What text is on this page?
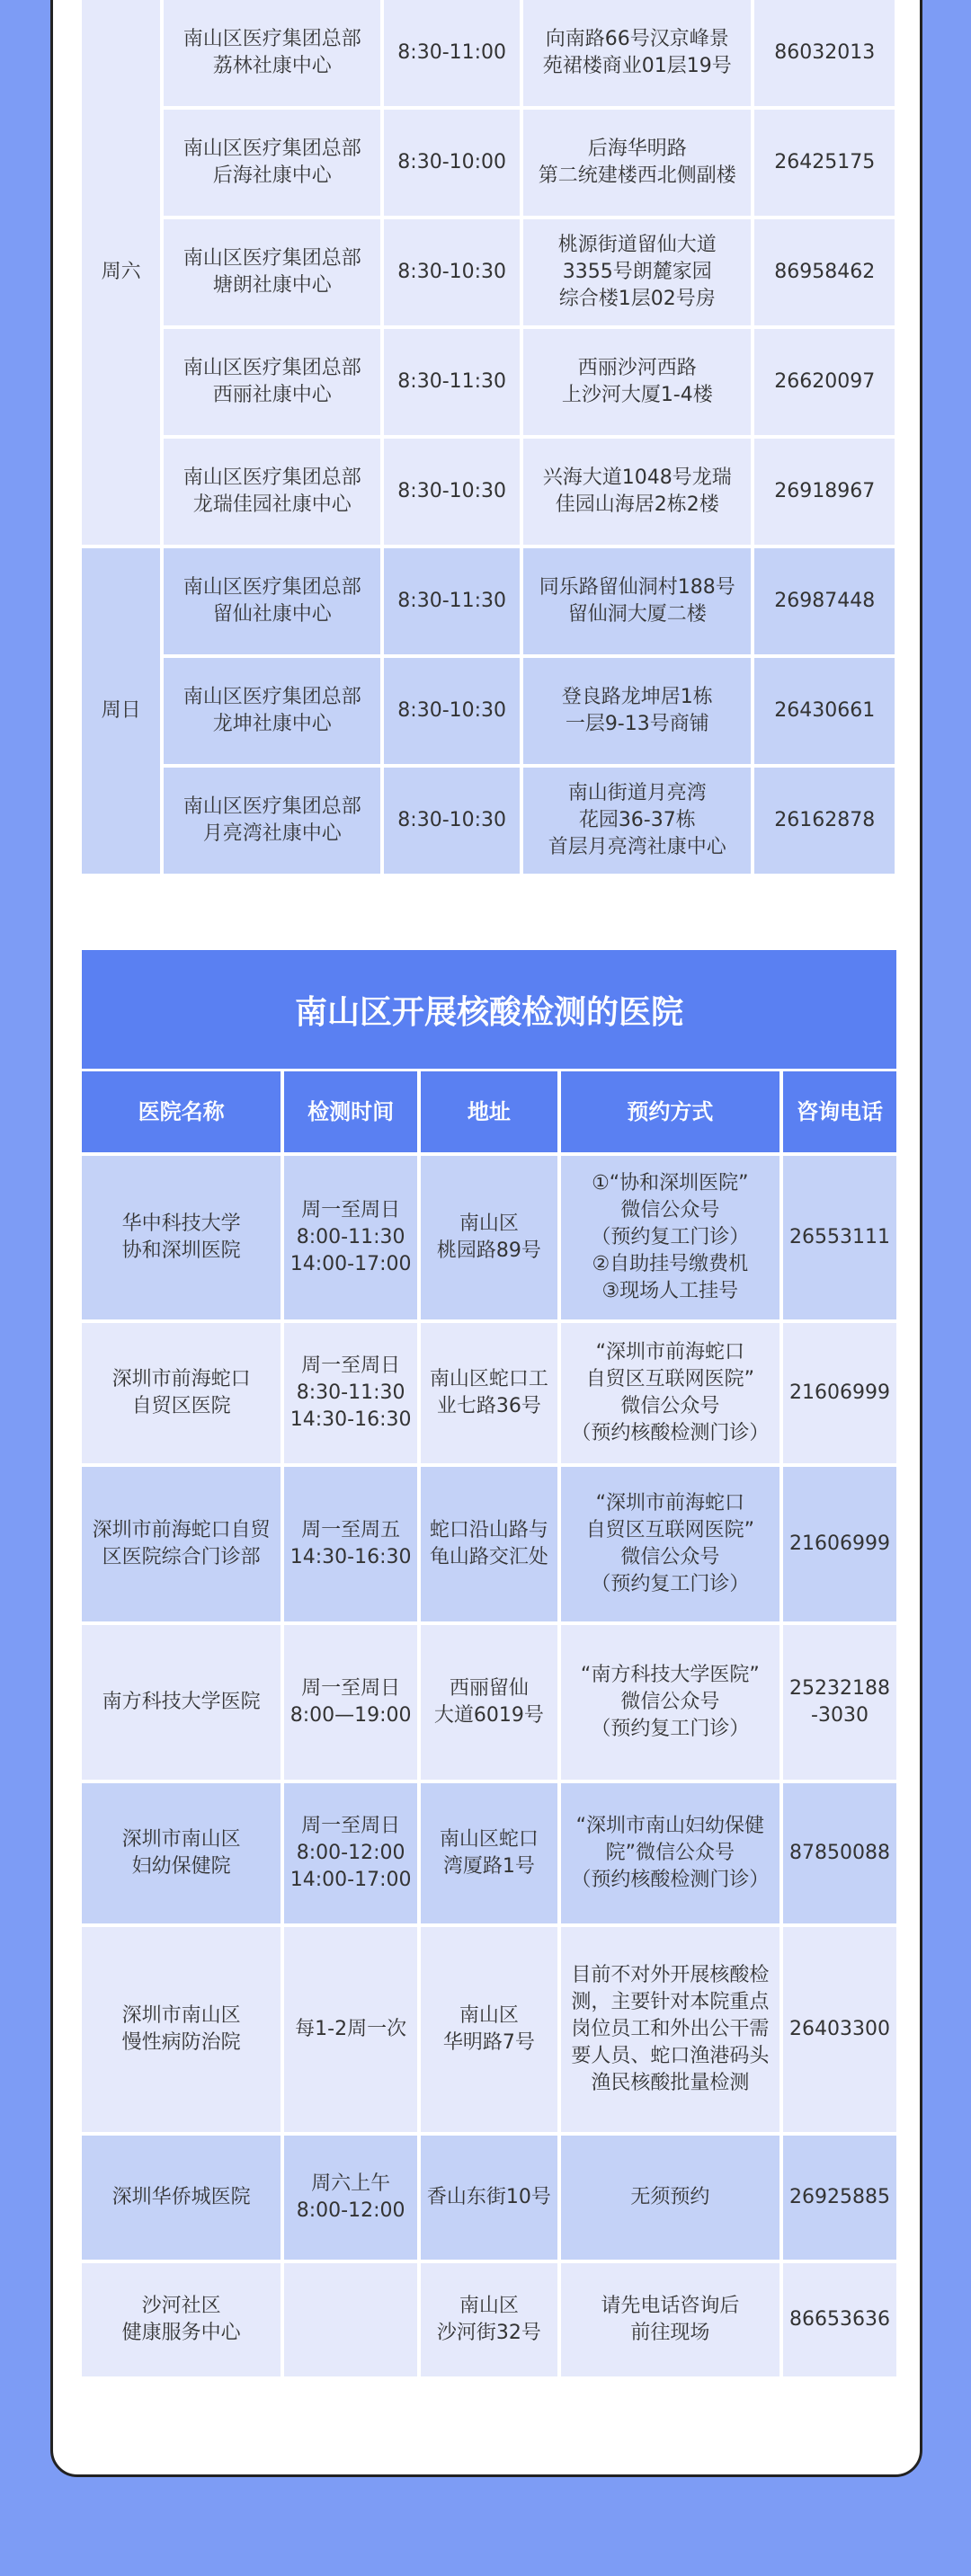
周六	南山区医疗集团总部
荔林社康中心	8:30-11:00	向南路66号汉京峰景
苑裙楼商业01层19号	86032013
	南山区医疗集团总部
后海社康中心	8:30-10:00	后海华明路
第二统建楼西北侧副楼	26425175
	南山区医疗集团总部
塘朗社康中心	8:30-10:30	桃源街道留仙大道
3355号朗麓家园
综合楼1层02号房	86958462
	南山区医疗集团总部
西丽社康中心	8:30-11:30	西丽沙河西路
上沙河大厦1-4楼	26620097
	南山区医疗集团总部
龙瑞佳园社康中心	8:30-10:30	兴海大道1048号龙瑞
佳园山海居2栋2楼	26918967
周日	南山区医疗集团总部
留仙社康中心	8:30-11:30	同乐路留仙洞村188号
留仙洞大厦二楼	26987448
	南山区医疗集团总部
龙坤社康中心	8:30-10:30	登良路龙坤居1栋
一层9-13号商铺	26430661
	南山区医疗集团总部
月亮湾社康中心	8:30-10:30	南山街道月亮湾
花园36-37栋
首层月亮湾社康中心	26162878
南山区开展核酸检测的医院
医院名称	检测时间	地址	预约方式	咨询电话
华中科技大学
协和深圳医院	周一至周日
8:00-11:30
14:00-17:00	南山区
桃园路89号	①“协和深圳医院”
微信公众号
（预约复工门诊）
②自助挂号缴费机
③现场人工挂号	26553111
深圳市前海蛇口
自贸区医院	周一至周日
8:30-11:30
14:30-16:30	南山区蛇口工
业七路36号	“深圳市前海蛇口
自贸区互联网医院”
微信公众号
（预约核酸检测门诊）	21606999
深圳市前海蛇口自贸
区医院综合门诊部	周一至周五
14:30-16:30	蛇口沿山路与
龟山路交汇处	“深圳市前海蛇口
自贸区互联网医院”
微信公众号
（预约复工门诊）	21606999
南方科技大学医院	周一至周日
8:00—19:00	西丽留仙
大道6019号	“南方科技大学医院”
微信公众号
（预约复工门诊）	25232188
-3030
深圳市南山区
妇幼保健院	周一至周日
8:00-12:00
14:00-17:00	南山区蛇口
湾厦路1号	“深圳市南山妇幼保健
院”微信公众号
（预约核酸检测门诊）	87850088
深圳市南山区
慢性病防治院	每1-2周一次	南山区
华明路7号	目前不对外开展核酸检
测，主要针对本院重点
岗位员工和外出公干需
要人员、蛇口渔港码头
渔民核酸批量检测	26403300
深圳华侨城医院	周六上午
8:00-12:00	香山东街10号	无须预约	26925885
沙河社区
健康服务中心		南山区
沙河街32号	请先电话咨询后
前往现场	86653636
